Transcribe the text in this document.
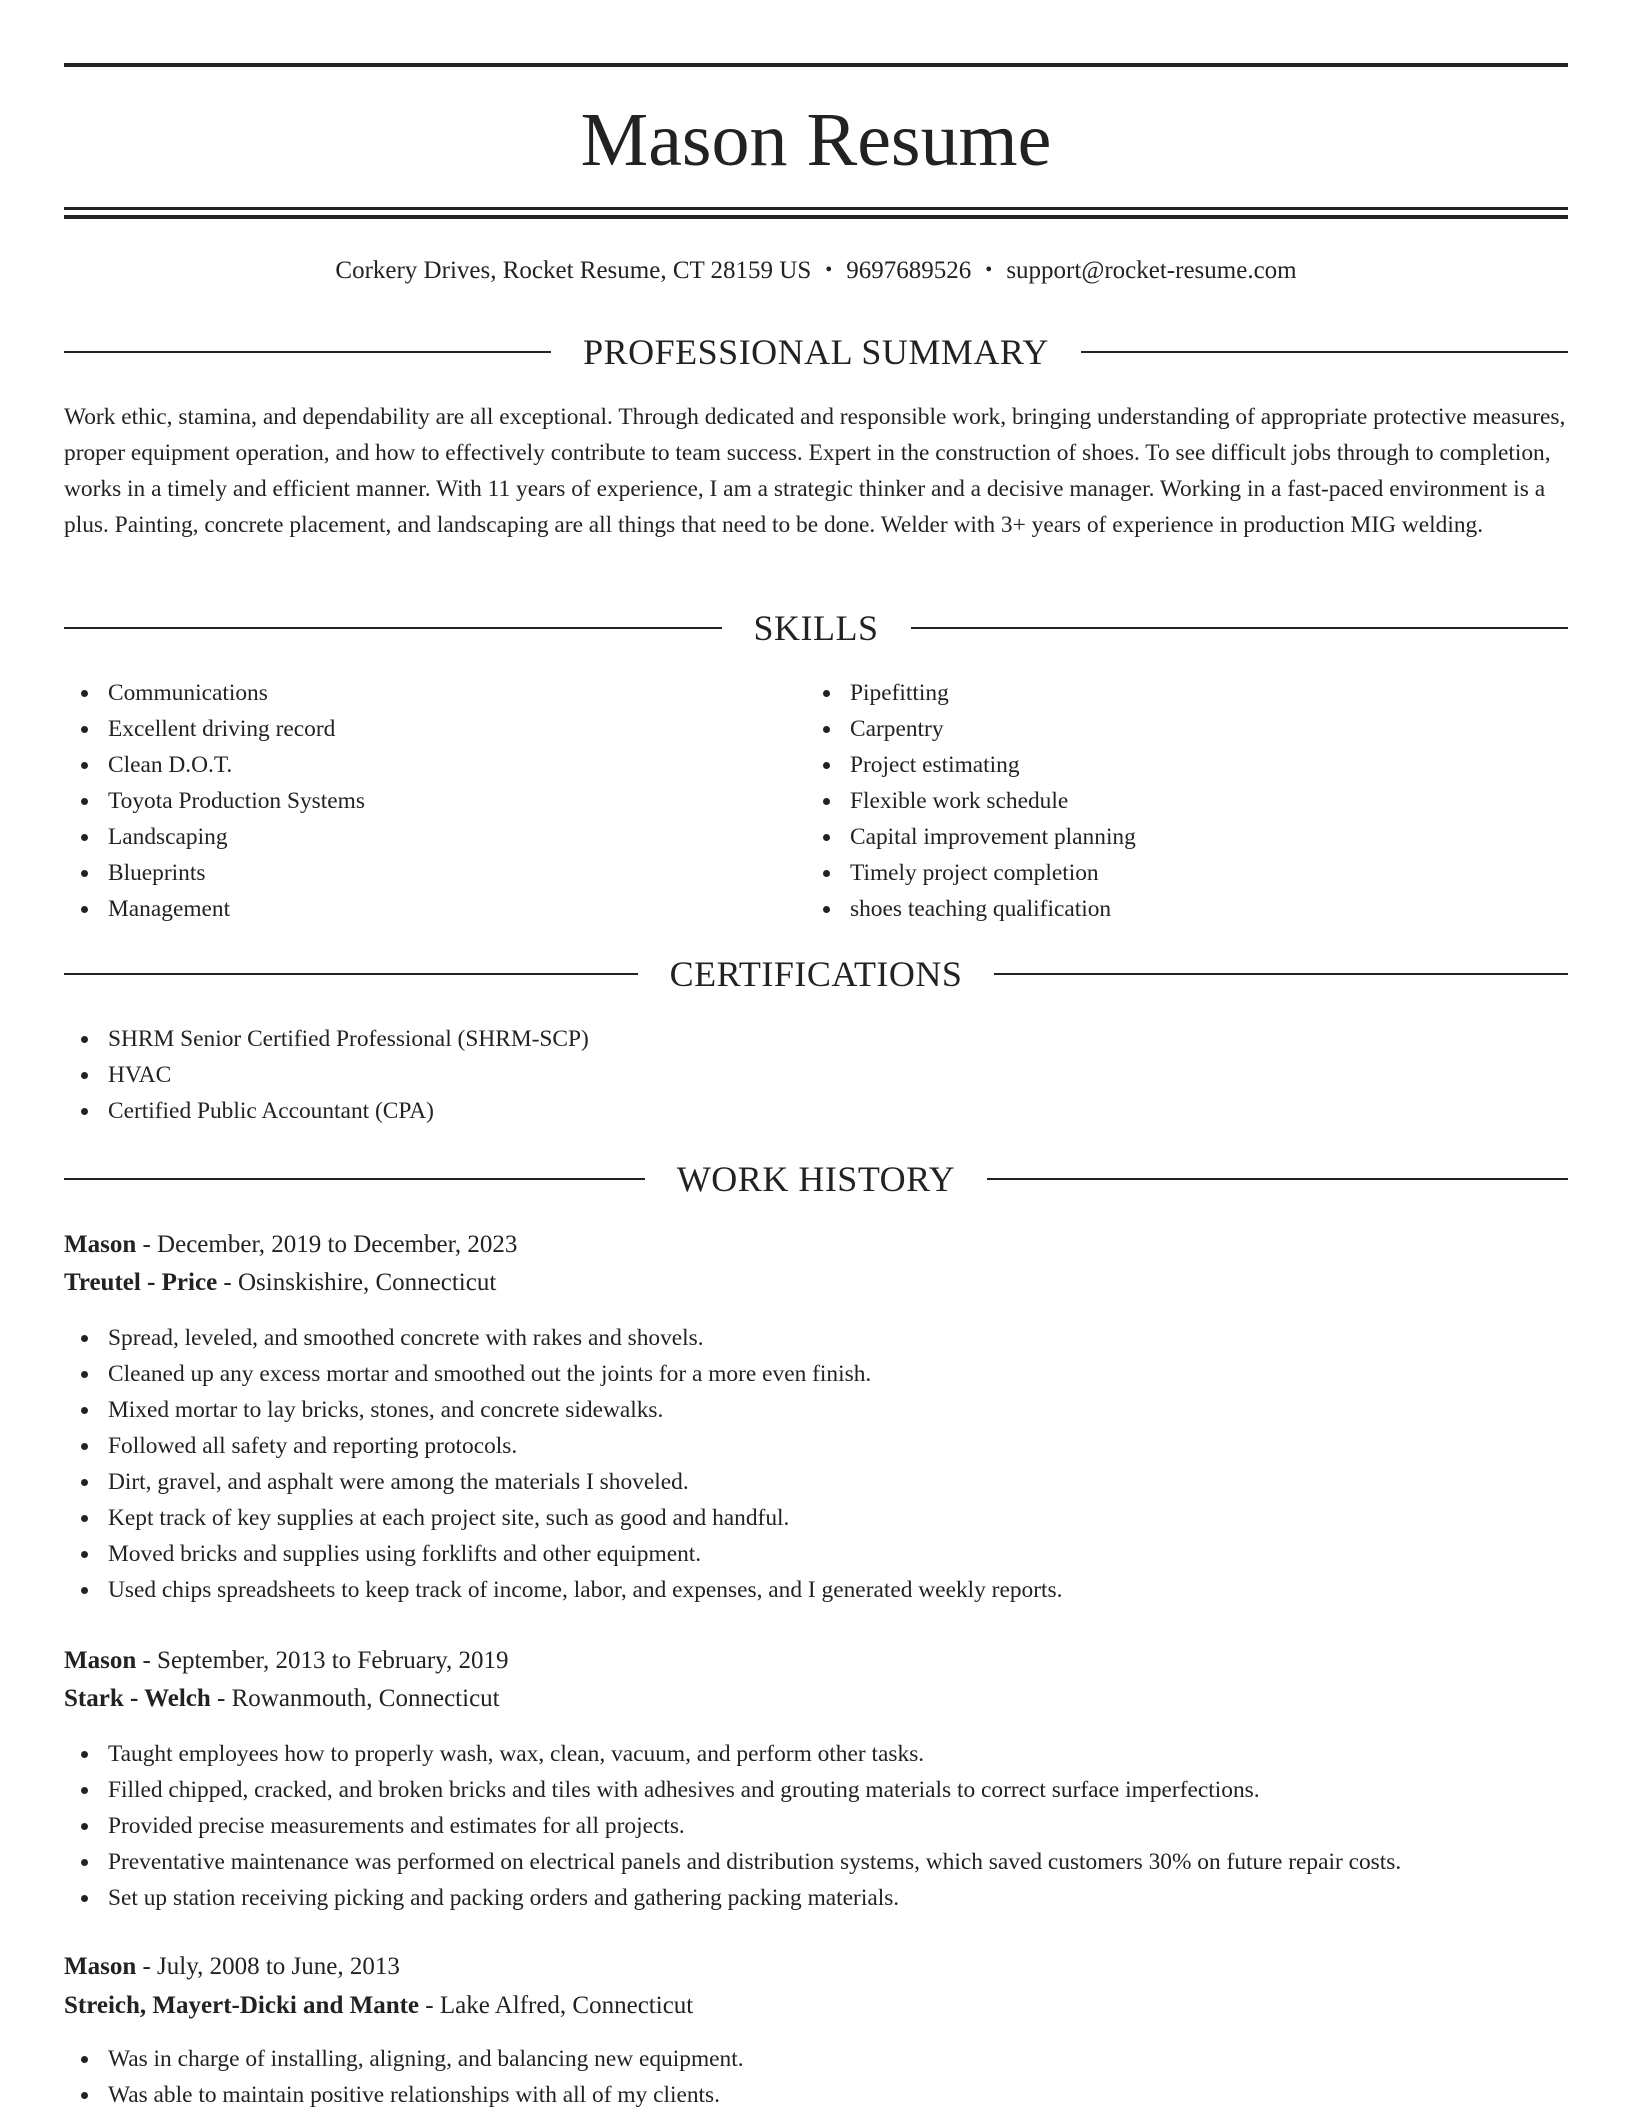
Mason Resume
Corkery Drives, Rocket Resume, CT 28159 US • 9697689526 • support@rocket-resume.com
PROFESSIONAL SUMMARY

Work ethic, stamina, and dependability are all exceptional. Through dedicated and responsible work, bringing understanding of appropriate protective measures, proper equipment operation, and how to effectively contribute to team success. Expert in the construction of shoes. To see difficult jobs through to completion, works in a timely and efficient manner. With 11 years of experience, I am a strategic thinker and a decisive manager. Working in a fast-paced environment is a plus. Painting, concrete placement, and landscaping are all things that need to be done. Welder with 3+ years of experience in production MIG welding.

SKILLS
Communications
Excellent driving record
Clean D.O.T.
Toyota Production Systems
Landscaping
Blueprints
Management
Pipefitting
Carpentry
Project estimating
Flexible work schedule
Capital improvement planning
Timely project completion
shoes teaching qualification
CERTIFICATIONS
SHRM Senior Certified Professional (SHRM-SCP)
HVAC
Certified Public Accountant (CPA)
WORK HISTORY
Mason - December, 2019 to December, 2023
Treutel - Price - Osinskishire, Connecticut
Spread, leveled, and smoothed concrete with rakes and shovels.
Cleaned up any excess mortar and smoothed out the joints for a more even finish.
Mixed mortar to lay bricks, stones, and concrete sidewalks.
Followed all safety and reporting protocols.
Dirt, gravel, and asphalt were among the materials I shoveled.
Kept track of key supplies at each project site, such as good and handful.
Moved bricks and supplies using forklifts and other equipment.
Used chips spreadsheets to keep track of income, labor, and expenses, and I generated weekly reports.
Mason - September, 2013 to February, 2019
Stark - Welch - Rowanmouth, Connecticut
Taught employees how to properly wash, wax, clean, vacuum, and perform other tasks.
Filled chipped, cracked, and broken bricks and tiles with adhesives and grouting materials to correct surface imperfections.
Provided precise measurements and estimates for all projects.
Preventative maintenance was performed on electrical panels and distribution systems, which saved customers 30% on future repair costs.
Set up station receiving picking and packing orders and gathering packing materials.
Mason - July, 2008 to June, 2013
Streich, Mayert-Dicki and Mante - Lake Alfred, Connecticut
Was in charge of installing, aligning, and balancing new equipment.
Was able to maintain positive relationships with all of my clients.
